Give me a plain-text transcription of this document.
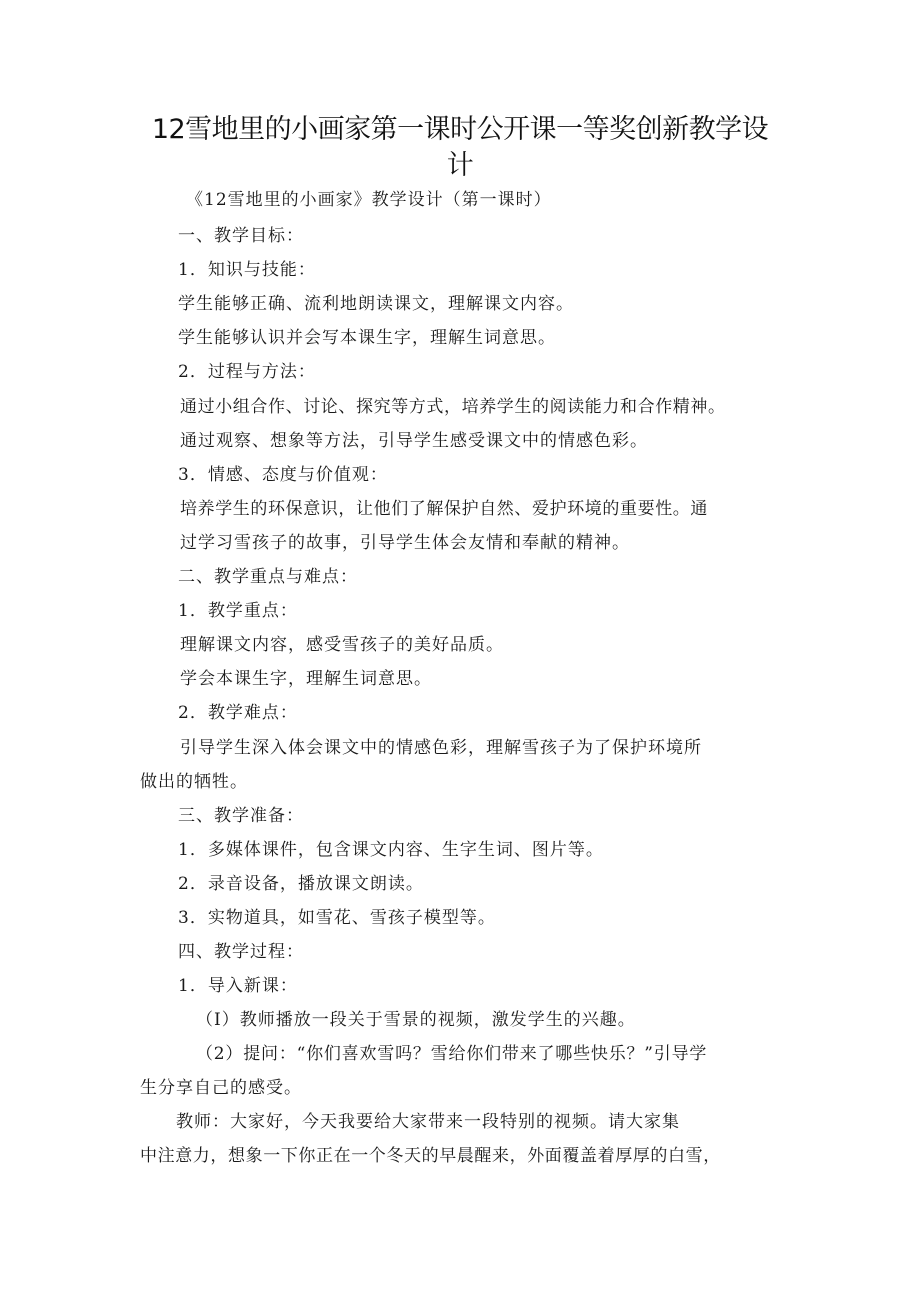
12雪地里的小画家第一课时公开课一等奖创新教学设
计
《12雪地里的小画家》教学设计（第一课时）
一、教学目标：
1．知识与技能：
学生能够正确、流利地朗读课文，理解课文内容。
学生能够认识并会写本课生字，理解生词意思。
2．过程与方法：
通过小组合作、讨论、探究等方式，培养学生的阅读能力和合作精神。
通过观察、想象等方法，引导学生感受课文中的情感色彩。
3．情感、态度与价值观：
培养学生的环保意识，让他们了解保护自然、爱护环境的重要性。通
过学习雪孩子的故事，引导学生体会友情和奉献的精神。
二、教学重点与难点：
1．教学重点：
理解课文内容，感受雪孩子的美好品质。
学会本课生字，理解生词意思。
2．教学难点：
引导学生深入体会课文中的情感色彩，理解雪孩子为了保护环境所
做出的牺牲。
三、教学准备：
1．多媒体课件，包含课文内容、生字生词、图片等。
2．录音设备，播放课文朗读。
3．实物道具，如雪花、雪孩子模型等。
四、教学过程：
1．导入新课：
（I）教师播放一段关于雪景的视频，激发学生的兴趣。
（2）提问：“你们喜欢雪吗？雪给你们带来了哪些快乐？”引导学
生分享自己的感受。
教师：大家好，今天我要给大家带来一段特别的视频。请大家集
中注意力，想象一下你正在一个冬天的早晨醒来，外面覆盖着厚厚的白雪，
